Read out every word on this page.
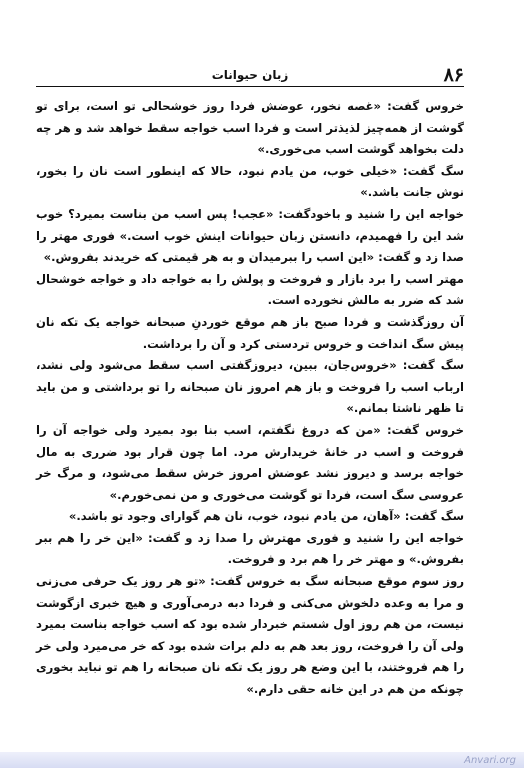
۸۶
زبان حیوانات

خروس گفت: «غصه نخور، عوضش فردا روز خوشحالی تو است، برای تو گوشت از همه‌چیز لذیذتر است و فردا اسب خواجه سقط خواهد شد و هر چه دلت بخواهد گوشت اسب می‌خوری.»

سگ گفت: «خیلی خوب، من یادم نبود، حالا که اینطور است نان را بخور، نوش جانت باشد.»

خواجه این را شنید و باخودگفت: «عجب! پس اسب من بناست بمیرد؟ خوب شد این را فهمیدم، دانستن زبان حیوانات اینش خوب است.» فوری مهتر را صدا زد و گفت: «این اسب را ببرمیدان و به هر قیمتی که خریدند بفروش.»

مهتر اسب را برد بازار و فروخت و پولش را به خواجه داد و خواجه خوشحال شد که ضرر به مالش نخورده است.

آن روزگذشت و فردا صبح باز هم موقع خوردنِ صبحانه خواجه یک تکه نان پیش سگ انداخت و خروس تردستی کرد و آن را برداشت.

سگ گفت: «خروس‌جان، ببین، دیروزگفتی اسب سقط می‌شود ولی نشد، ارباب اسب را فروخت و باز هم امروز نان صبحانه را تو برداشتی و من باید تا ظهر ناشتا بمانم.»

خروس گفت: «من که دروغ نگفتم، اسب بنا بود بمیرد ولی خواجه آن را فروخت و اسب در خانهٔ خریدارش مرد. اما چون قرار بود ضرری به مال خواجه برسد و دیروز نشد عوضش امروز خرش سقط می‌شود، و مرگ خر عروسی سگ است، فردا تو گوشت می‌خوری و من نمی‌خورم.»

سگ گفت: «آهان، من یادم نبود، خوب، نان هم گوارای وجود تو باشد.»

خواجه این را شنید و فوری مهترش را صدا زد و گفت: «این خر را هم ببر بفروش.» و مهتر خر را هم برد و فروخت.

روز سوم موقع صبحانه سگ به خروس گفت: «تو هر روز یک حرفی می‌زنی و مرا به وعده دلخوش می‌کنی و فردا دبه درمی‌آوری و هیچ خبری ازگوشت نیست، من هم روز اول شستم خبردار شده بود که اسب خواجه بناست بمیرد ولی آن را فروخت، روز بعد هم به دلم برات شده بود که خر می‌میرد ولی خر را هم فروختند، با این وضع هر روز یک تکه نان صبحانه را هم تو نباید بخوری چونکه من هم در این خانه حقی دارم.»

Anvari.org
